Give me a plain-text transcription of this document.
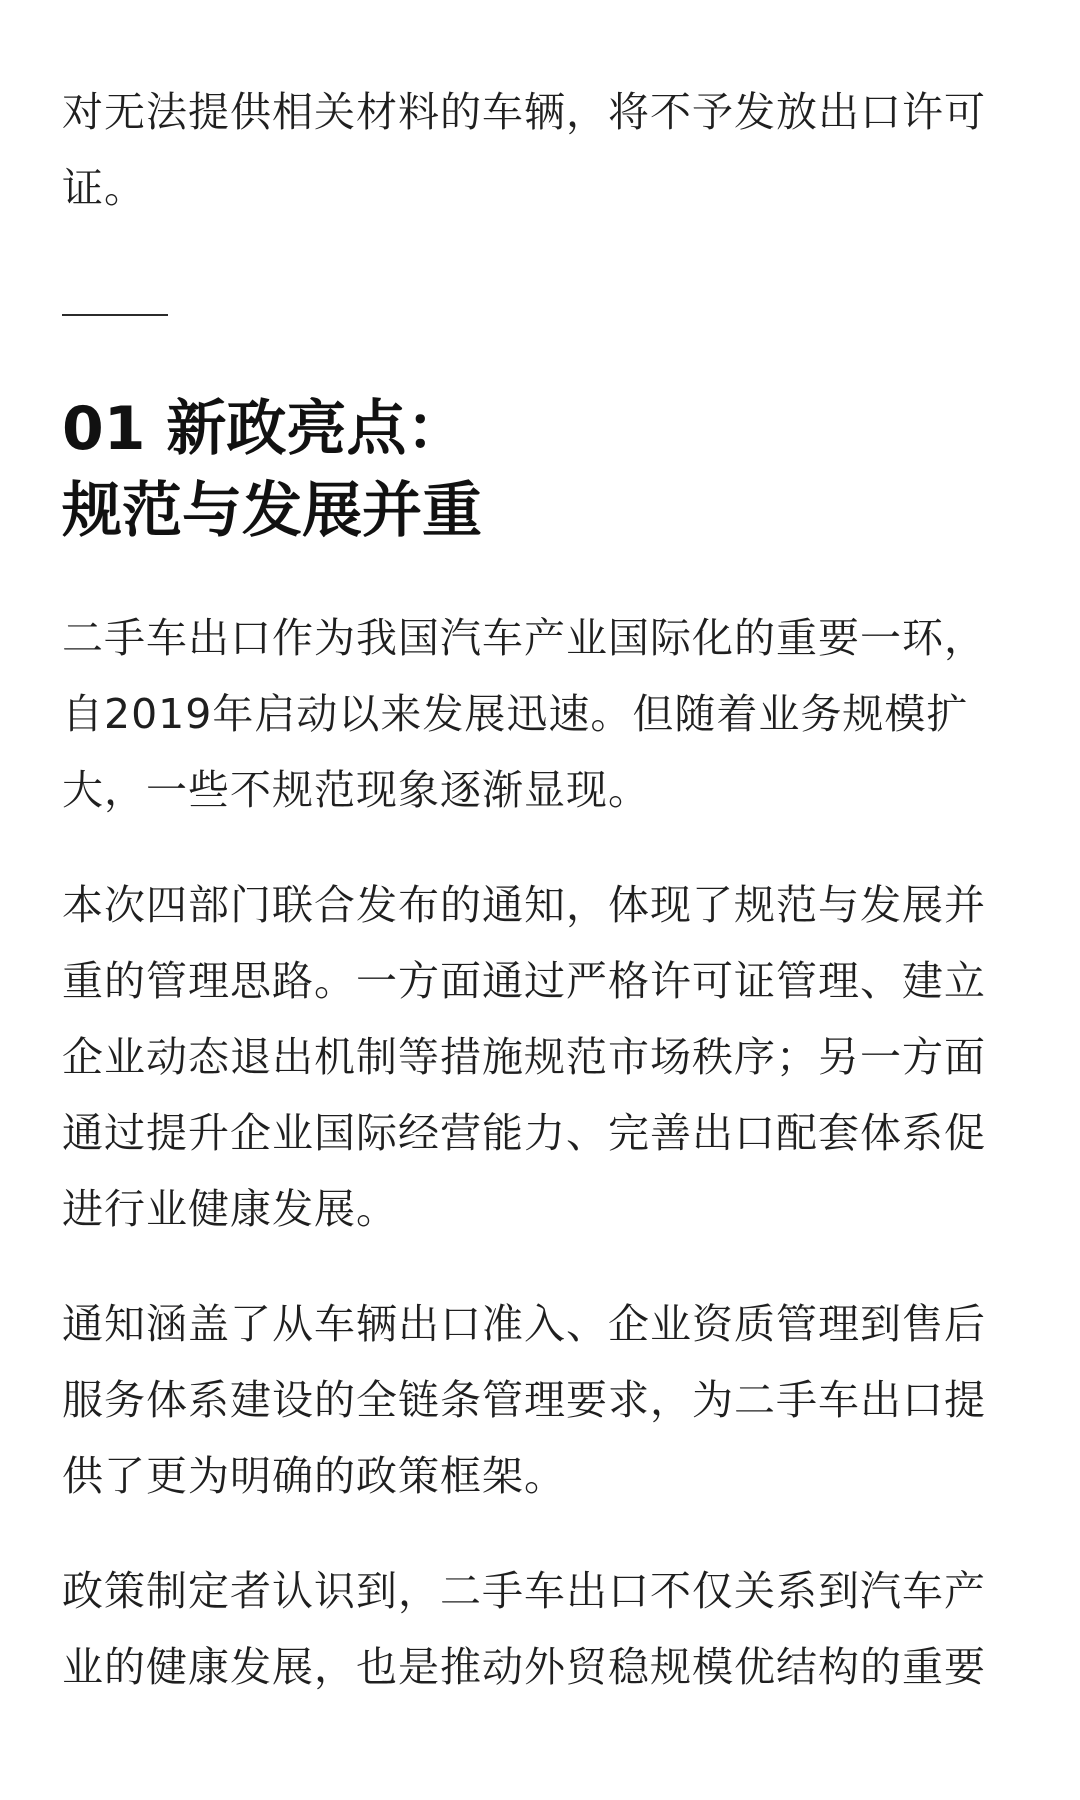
对无法提供相关材料的车辆，将不予发放出口许可
证。

01 新政亮点：
规范与发展并重

二手车出口作为我国汽车产业国际化的重要一环，
自2019年启动以来发展迅速。但随着业务规模扩
大，一些不规范现象逐渐显现。

本次四部门联合发布的通知，体现了规范与发展并
重的管理思路。一方面通过严格许可证管理、建立
企业动态退出机制等措施规范市场秩序；另一方面
通过提升企业国际经营能力、完善出口配套体系促
进行业健康发展。

通知涵盖了从车辆出口准入、企业资质管理到售后
服务体系建设的全链条管理要求，为二手车出口提
供了更为明确的政策框架。

政策制定者认识到，二手车出口不仅关系到汽车产
业的健康发展，也是推动外贸稳规模优结构的重要
